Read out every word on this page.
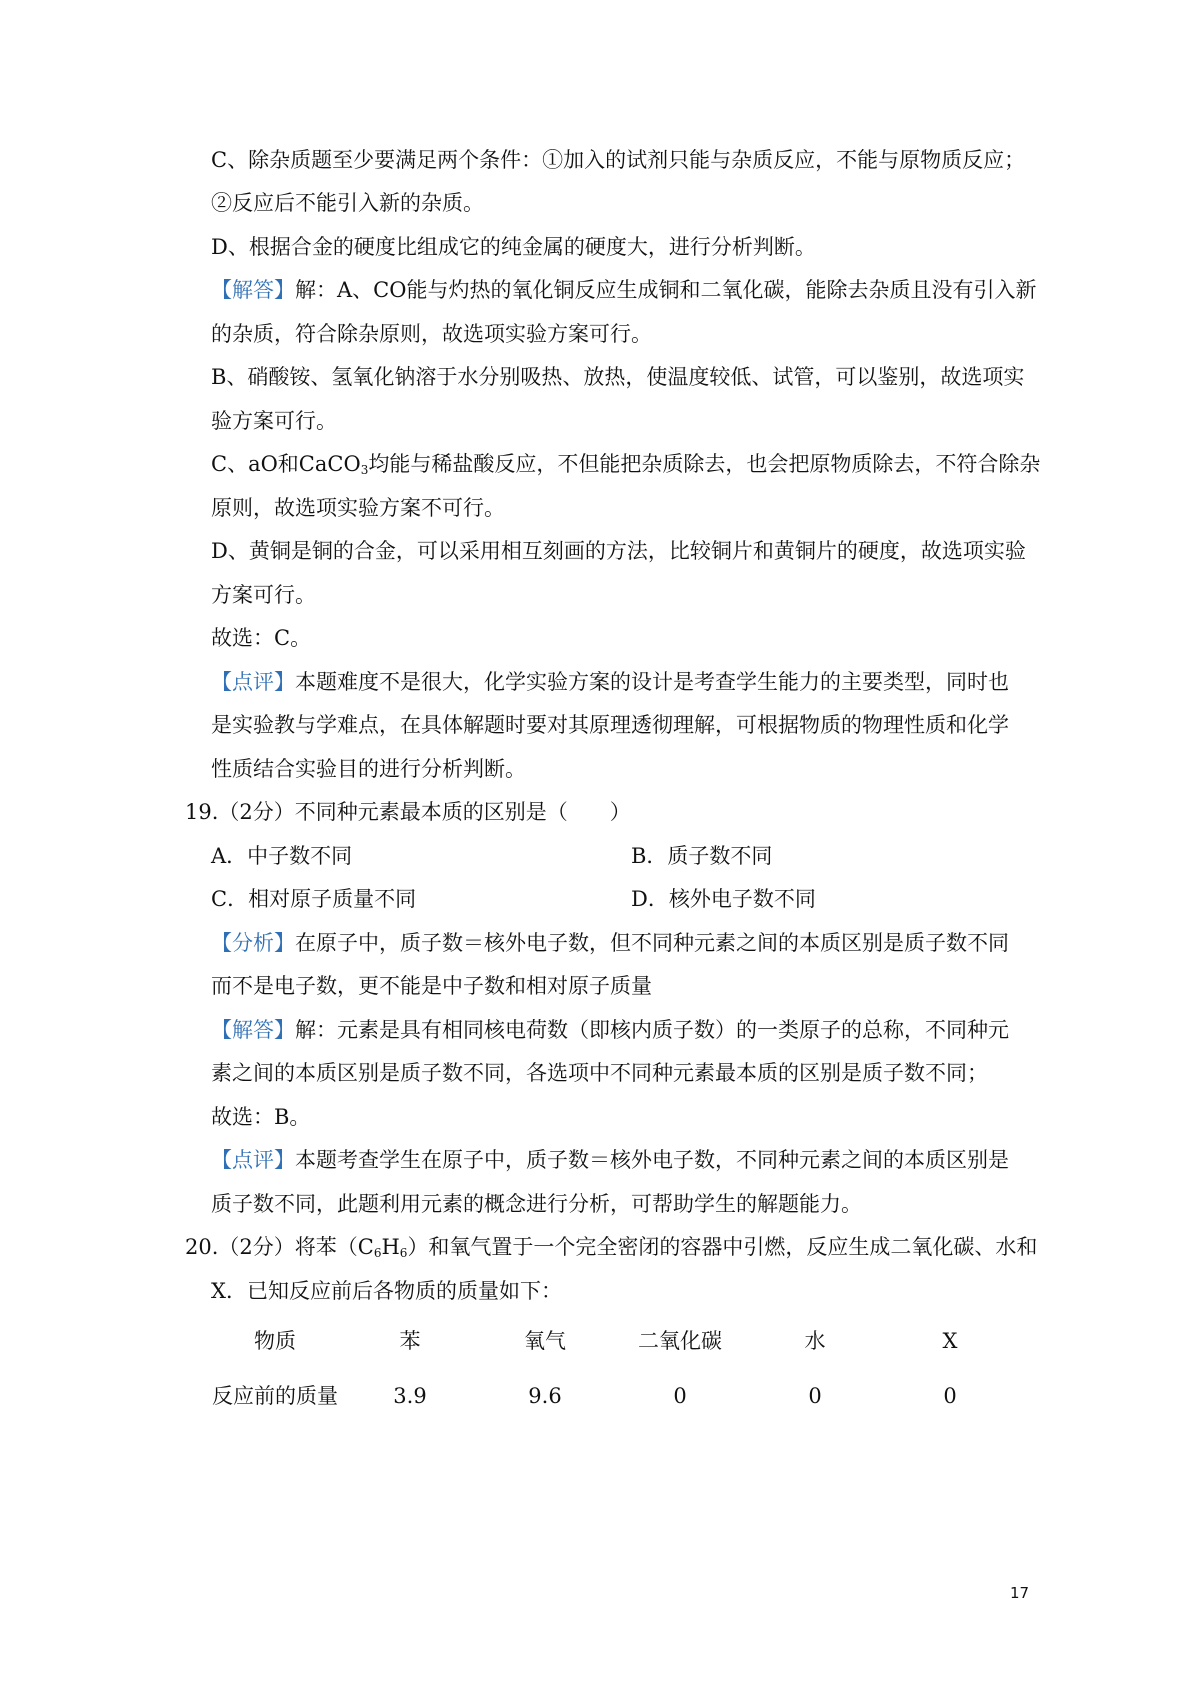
C、除杂质题至少要满足两个条件：①加入的试剂只能与杂质反应，不能与原物质反应；
②反应后不能引入新的杂质。
D、根据合金的硬度比组成它的纯金属的硬度大，进行分析判断。
【解答】解：A、CO能与灼热的氧化铜反应生成铜和二氧化碳，能除去杂质且没有引入新
的杂质，符合除杂原则，故选项实验方案可行。
B、硝酸铵、氢氧化钠溶于水分别吸热、放热，使温度较低、试管，可以鉴别，故选项实
验方案可行。
C、aO和CaCO$_3$均能与稀盐酸反应，不但能把杂质除去，也会把原物质除去，不符合除杂
原则，故选项实验方案不可行。
D、黄铜是铜的合金，可以采用相互刻画的方法，比较铜片和黄铜片的硬度，故选项实验
方案可行。
故选：C。
【点评】本题难度不是很大，化学实验方案的设计是考查学生能力的主要类型，同时也
是实验教与学难点，在具体解题时要对其原理透彻理解，可根据物质的物理性质和化学
性质结合实验目的进行分析判断。
19.（2分）不同种元素最本质的区别是（　　）
A．中子数不同	B．质子数不同
C．相对原子质量不同	D．核外电子数不同
【分析】在原子中，质子数＝核外电子数，但不同种元素之间的本质区别是质子数不同
而不是电子数，更不能是中子数和相对原子质量
【解答】解：元素是具有相同核电荷数（即核内质子数）的一类原子的总称，不同种元
素之间的本质区别是质子数不同，各选项中不同种元素最本质的区别是质子数不同；
故选：B。
【点评】本题考查学生在原子中，质子数＝核外电子数，不同种元素之间的本质区别是
质子数不同，此题利用元素的概念进行分析，可帮助学生的解题能力。
20.（2分）将苯$(C_6H_6)$和氧气置于一个完全密闭的容器中引燃，反应生成二氧化碳、水和
X．已知反应前后各物质的质量如下：
物质	苯	氧气	二氧化碳	水	X
反应前的质量	3.9	9.6	0	0	0
17
